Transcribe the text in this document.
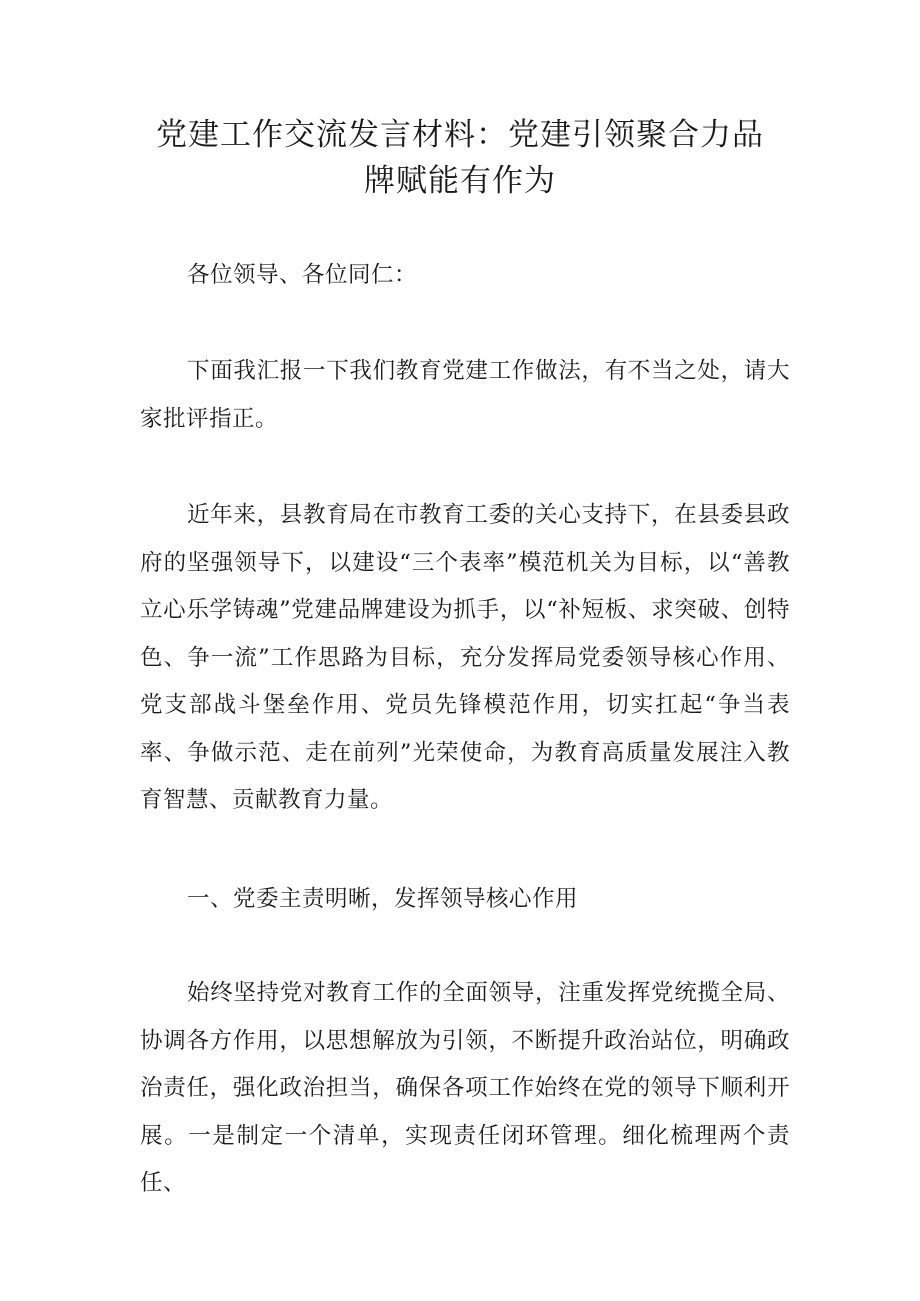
党建工作交流发言材料：党建引领聚合力品
牌赋能有作为

各位领导、各位同仁：

下面我汇报一下我们教育党建工作做法，有不当之处，请大家批评指正。

近年来，县教育局在市教育工委的关心支持下，在县委县政府的坚强领导下，以建设“三个表率”模范机关为目标，以“善教立心乐学铸魂”党建品牌建设为抓手，以“补短板、求突破、创特色、争一流”工作思路为目标，充分发挥局党委领导核心作用、党支部战斗堡垒作用、党员先锋模范作用，切实扛起“争当表率、争做示范、走在前列”光荣使命，为教育高质量发展注入教育智慧、贡献教育力量。

一、党委主责明晰，发挥领导核心作用

始终坚持党对教育工作的全面领导，注重发挥党统揽全局、协调各方作用，以思想解放为引领，不断提升政治站位，明确政治责任，强化政治担当，确保各项工作始终在党的领导下顺利开展。一是制定一个清单，实现责任闭环管理。细化梳理两个责任、
